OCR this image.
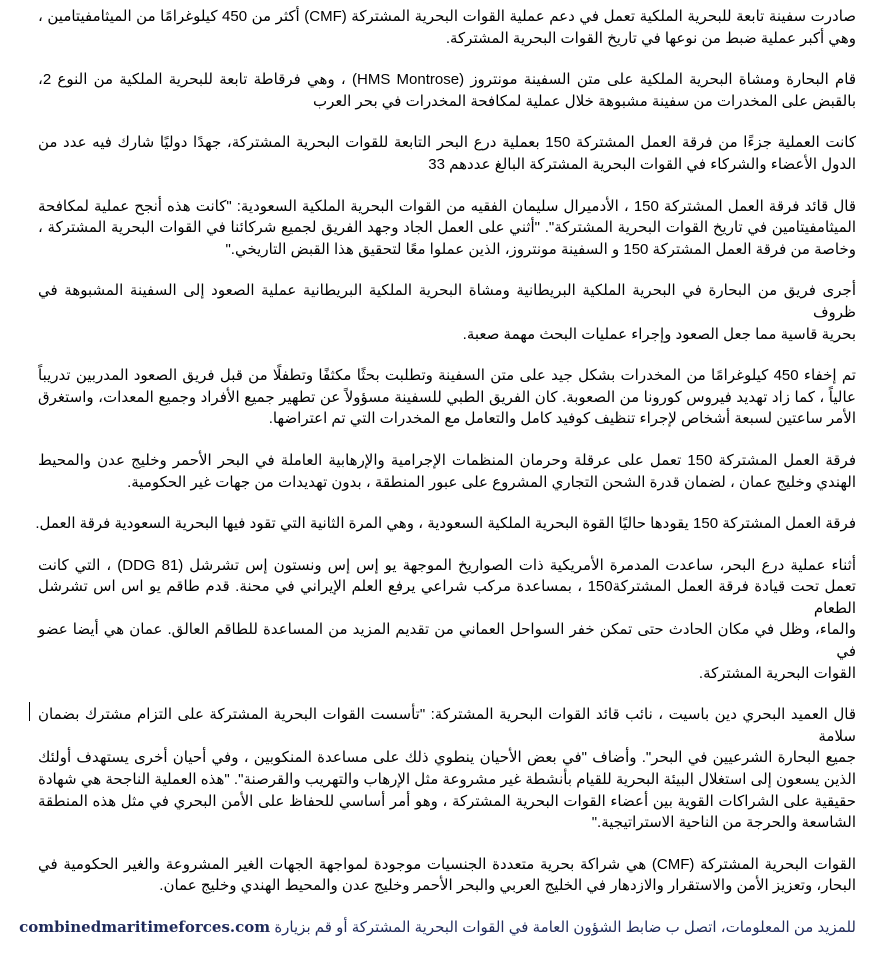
صادرت سفينة تابعة للبحرية الملكية تعمل في دعم عملية القوات البحرية المشتركة (CMF) أكثر من 450 كيلوغرامًا من الميثامفيتامين ،
وهي أكبر عملية ضبط من نوعها في تاريخ القوات البحرية المشتركة.
قام البحارة ومشاة البحرية الملكية على متن السفينة مونتروز (HMS Montrose) ، وهي فرقاطة تابعة للبحرية الملكية من النوع 2،
بالقبض على المخدرات من سفينة مشبوهة خلال عملية لمكافحة المخدرات في بحر العرب
كانت العملية جزءًا من فرقة العمل المشتركة 150 بعملية درع البحر التابعة للقوات البحرية المشتركة، جهدًا دوليًا شارك فيه عدد من
الدول الأعضاء والشركاء في القوات البحرية المشتركة البالغ عددهم 33
قال قائد فرقة العمل المشتركة 150 ، الأدميرال سليمان الفقيه من القوات البحرية الملكية السعودية: "كانت هذه أنجح عملية لمكافحة
الميثامفيتامين في تاريخ القوات البحرية المشتركة". "أثني على العمل الجاد وجهد الفريق لجميع شركائنا في القوات البحرية المشتركة ،
وخاصة من فرقة العمل المشتركة 150 و السفينة مونتروز، الذين عملوا معًا لتحقيق هذا القبض التاريخي."
أجرى فريق من البحارة في البحرية الملكية البريطانية ومشاة البحرية الملكية البريطانية عملية الصعود إلى السفينة المشبوهة في ظروف
بحرية قاسية مما جعل الصعود وإجراء عمليات البحث مهمة صعبة.
تم إخفاء 450 كيلوغرامًا من المخدرات بشكل جيد على متن السفينة وتطلبت بحثًا مكثفًا وتطفلًا من قبل فريق الصعود المدربين تدريباً
عالياً ، كما زاد تهديد فيروس كورونا من الصعوبة. كان الفريق الطبي للسفينة مسؤولاً عن تطهير جميع الأفراد وجميع المعدات، واستغرق
الأمر ساعتين لسبعة أشخاص لإجراء تنظيف كوفيد كامل والتعامل مع المخدرات التي تم اعتراضها.
فرقة العمل المشتركة 150 تعمل على عرقلة وحرمان المنظمات الإجرامية والإرهابية العاملة في البحر الأحمر وخليج عدن والمحيط
الهندي وخليج عمان ، لضمان قدرة الشحن التجاري المشروع على عبور المنطقة ، بدون تهديدات من جهات غير الحكومية.
فرقة العمل المشتركة 150 يقودها حاليًا القوة البحرية الملكية السعودية ، وهي المرة الثانية التي تقود فيها البحرية السعودية فرقة العمل.
أثناء عملية درع البحر، ساعدت المدمرة الأمريكية ذات الصواريخ الموجهة يو إس إس ونستون إس تشرشل (DDG 81) ، التي كانت
تعمل تحت قيادة فرقة العمل المشتركة150 ، بمساعدة مركب شراعي يرفع العلم الإيراني في محنة. قدم طاقم يو اس اس تشرشل الطعام
والماء، وظل في مكان الحادث حتى تمكن خفر السواحل العماني من تقديم المزيد من المساعدة للطاقم العالق. عمان هي أيضا عضو في
القوات البحرية المشتركة.
قال العميد البحري دين باسيت ، نائب قائد القوات البحرية المشتركة: "تأسست القوات البحرية المشتركة على التزام مشترك بضمان سلامة
جميع البحارة الشرعيين في البحر". وأضاف "في بعض الأحيان ينطوي ذلك على مساعدة المنكوبين ، وفي أحيان أخرى يستهدف أولئك
الذين يسعون إلى استغلال البيئة البحرية للقيام بأنشطة غير مشروعة مثل الإرهاب والتهريب والقرصنة". "هذه العملية الناجحة هي شهادة
حقيقية على الشراكات القوية بين أعضاء القوات البحرية المشتركة ، وهو أمر أساسي للحفاظ على الأمن البحري في مثل هذه المنطقة
الشاسعة والحرجة من الناحية الاستراتيجية."
القوات البحرية المشتركة (CMF) هي شراكة بحرية متعددة الجنسيات موجودة لمواجهة الجهات الغير المشروعة والغير الحكومية في
البحار، وتعزيز الأمن والاستقرار والازدهار في الخليج العربي والبحر الأحمر وخليج عدن والمحيط الهندي وخليج عمان.
للمزيد من المعلومات، اتصل ب ضابط الشؤون العامة في القوات البحرية المشتركة أو قم بزيارة combinedmaritimeforces.com
